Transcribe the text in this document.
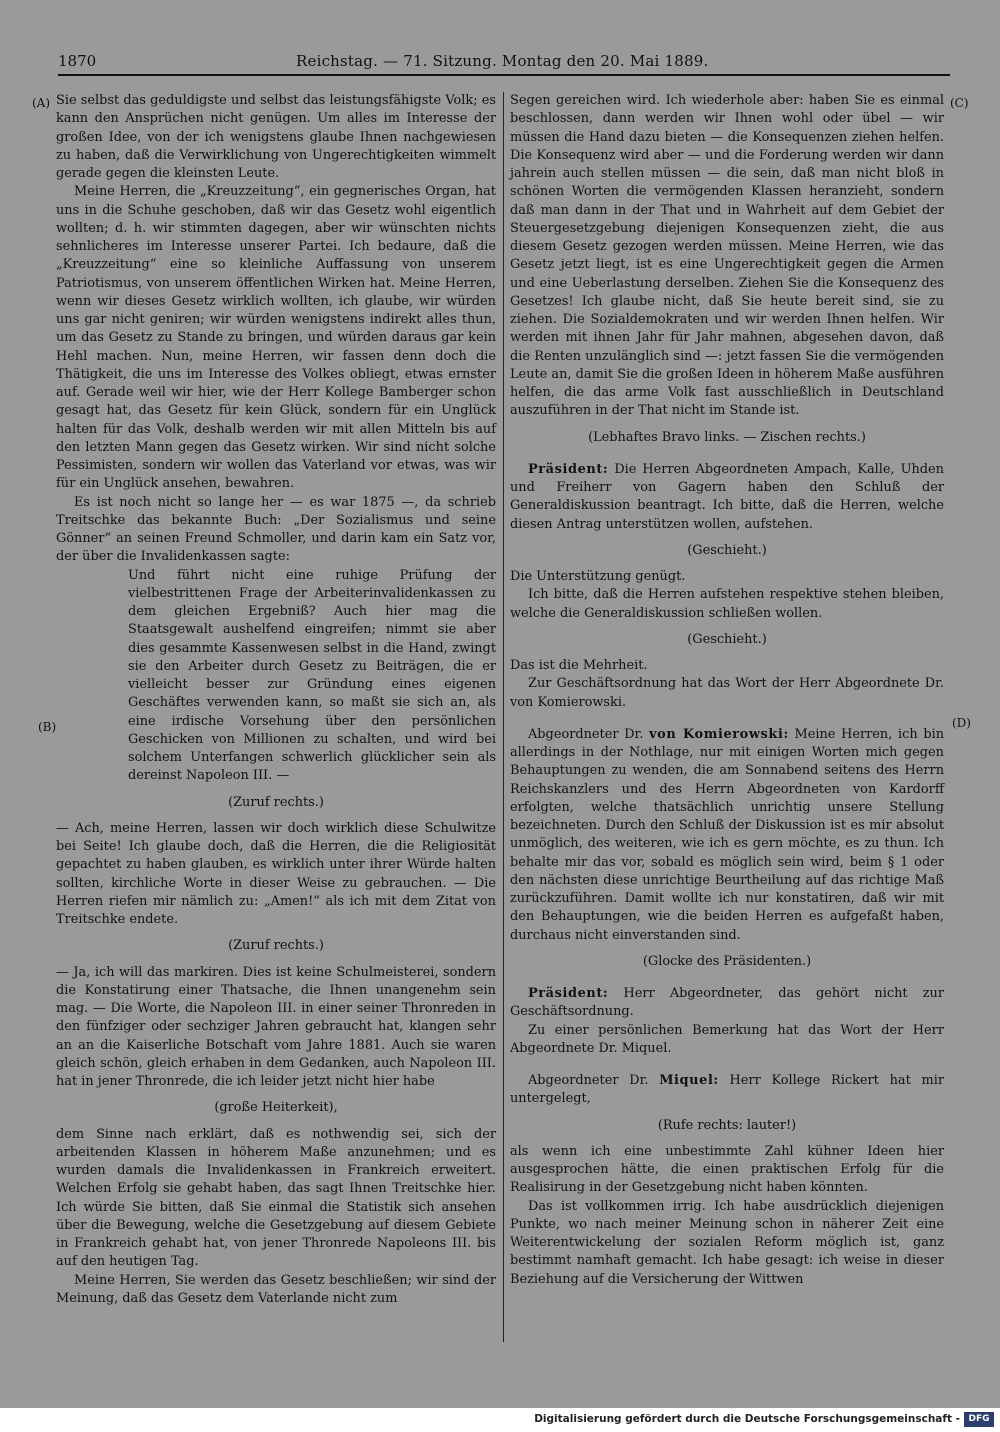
1870	Reichstag. — 71. Sitzung. Montag den 20. Mai 1889.
(A)
(B)
(C)
(D)

Sie selbst das geduldigste und selbst das leistungsfähigste Volk; es kann den Ansprüchen nicht genügen. Um alles im Interesse der großen Idee, von der ich wenigstens glaube Ihnen nachgewiesen zu haben, daß die Verwirklichung von Ungerechtigkeiten wimmelt gerade gegen die kleinsten Leute.

Meine Herren, die „Kreuzzeitung“, ein gegnerisches Organ, hat uns in die Schuhe geschoben, daß wir das Gesetz wohl eigentlich wollten; d. h. wir stimmten dagegen, aber wir wünschten nichts sehnlicheres im Interesse unserer Partei. Ich bedaure, daß die „Kreuzzeitung“ eine so kleinliche Auffassung von unserem Patriotismus, von unserem öffentlichen Wirken hat. Meine Herren, wenn wir dieses Gesetz wirklich wollten, ich glaube, wir würden uns gar nicht geniren; wir würden wenigstens indirekt alles thun, um das Gesetz zu Stande zu bringen, und würden daraus gar kein Hehl machen. Nun, meine Herren, wir fassen denn doch die Thätigkeit, die uns im Interesse des Volkes obliegt, etwas ernster auf. Gerade weil wir hier, wie der Herr Kollege Bamberger schon gesagt hat, das Gesetz für kein Glück, sondern für ein Unglück halten für das Volk, deshalb werden wir mit allen Mitteln bis auf den letzten Mann gegen das Gesetz wirken. Wir sind nicht solche Pessimisten, sondern wir wollen das Vaterland vor etwas, was wir für ein Unglück ansehen, bewahren.

Es ist noch nicht so lange her — es war 1875 —, da schrieb Treitschke das bekannte Buch: „Der Sozialismus und seine Gönner“ an seinen Freund Schmoller, und darin kam ein Satz vor, der über die Invalidenkassen sagte:

Und führt nicht eine ruhige Prüfung der vielbestrittenen Frage der Arbeiterinvalidenkassen zu dem gleichen Ergebniß? Auch hier mag die Staatsgewalt aushelfend eingreifen; nimmt sie aber dies gesammte Kassenwesen selbst in die Hand, zwingt sie den Arbeiter durch Gesetz zu Beiträgen, die er vielleicht besser zur Gründung eines eigenen Geschäftes verwenden kann, so maßt sie sich an, als eine irdische Vorsehung über den persönlichen Geschicken von Millionen zu schalten, und wird bei solchem Unterfangen schwerlich glücklicher sein als dereinst Napoleon III. —

(Zuruf rechts.)

— Ach, meine Herren, lassen wir doch wirklich diese Schulwitze bei Seite! Ich glaube doch, daß die Herren, die die Religiosität gepachtet zu haben glauben, es wirklich unter ihrer Würde halten sollten, kirchliche Worte in dieser Weise zu gebrauchen. — Die Herren riefen mir nämlich zu: „Amen!“ als ich mit dem Zitat von Treitschke endete.

(Zuruf rechts.)

— Ja, ich will das markiren. Dies ist keine Schulmeisterei, sondern die Konstatirung einer Thatsache, die Ihnen unangenehm sein mag. — Die Worte, die Napoleon III. in einer seiner Thronreden in den fünfziger oder sechziger Jahren gebraucht hat, klangen sehr an an die Kaiserliche Botschaft vom Jahre 1881. Auch sie waren gleich schön, gleich erhaben in dem Gedanken, auch Napoleon III. hat in jener Thronrede, die ich leider jetzt nicht hier habe

(große Heiterkeit),

dem Sinne nach erklärt, daß es nothwendig sei, sich der arbeitenden Klassen in höherem Maße anzunehmen; und es wurden damals die Invalidenkassen in Frankreich erweitert. Welchen Erfolg sie gehabt haben, das sagt Ihnen Treitschke hier. Ich würde Sie bitten, daß Sie einmal die Statistik sich ansehen über die Bewegung, welche die Gesetzgebung auf diesem Gebiete in Frankreich gehabt hat, von jener Thronrede Napoleons III. bis auf den heutigen Tag.

Meine Herren, Sie werden das Gesetz beschließen; wir sind der Meinung, daß das Gesetz dem Vaterlande nicht zum

Segen gereichen wird. Ich wiederhole aber: haben Sie es einmal beschlossen, dann werden wir Ihnen wohl oder übel — wir müssen die Hand dazu bieten — die Konsequenzen ziehen helfen. Die Konsequenz wird aber — und die Forderung werden wir dann jahrein auch stellen müssen — die sein, daß man nicht bloß in schönen Worten die vermögenden Klassen heranzieht, sondern daß man dann in der That und in Wahrheit auf dem Gebiet der Steuergesetzgebung diejenigen Konsequenzen zieht, die aus diesem Gesetz gezogen werden müssen. Meine Herren, wie das Gesetz jetzt liegt, ist es eine Ungerechtigkeit gegen die Armen und eine Ueberlastung derselben. Ziehen Sie die Konsequenz des Gesetzes! Ich glaube nicht, daß Sie heute bereit sind, sie zu ziehen. Die Sozialdemokraten und wir werden Ihnen helfen. Wir werden mit ihnen Jahr für Jahr mahnen, abgesehen davon, daß die Renten unzulänglich sind —: jetzt fassen Sie die vermögenden Leute an, damit Sie die großen Ideen in höherem Maße ausführen helfen, die das arme Volk fast ausschließlich in Deutschland auszuführen in der That nicht im Stande ist.

(Lebhaftes Bravo links. — Zischen rechts.)

Präsident: Die Herren Abgeordneten Ampach, Kalle, Uhden und Freiherr von Gagern haben den Schluß der Generaldiskussion beantragt. Ich bitte, daß die Herren, welche diesen Antrag unterstützen wollen, aufstehen.

(Geschieht.)

Die Unterstützung genügt.

Ich bitte, daß die Herren aufstehen respektive stehen bleiben, welche die Generaldiskussion schließen wollen.

(Geschieht.)

Das ist die Mehrheit.

Zur Geschäftsordnung hat das Wort der Herr Abgeordnete Dr. von Komierowski.

Abgeordneter Dr. von Komierowski: Meine Herren, ich bin allerdings in der Nothlage, nur mit einigen Worten mich gegen Behauptungen zu wenden, die am Sonnabend seitens des Herrn Reichskanzlers und des Herrn Abgeordneten von Kardorff erfolgten, welche thatsächlich unrichtig unsere Stellung bezeichneten. Durch den Schluß der Diskussion ist es mir absolut unmöglich, des weiteren, wie ich es gern möchte, es zu thun. Ich behalte mir das vor, sobald es möglich sein wird, beim § 1 oder den nächsten diese unrichtige Beurtheilung auf das richtige Maß zurückzuführen. Damit wollte ich nur konstatiren, daß wir mit den Behauptungen, wie die beiden Herren es aufgefaßt haben, durchaus nicht einverstanden sind.

(Glocke des Präsidenten.)

Präsident: Herr Abgeordneter, das gehört nicht zur Geschäftsordnung.

Zu einer persönlichen Bemerkung hat das Wort der Herr Abgeordnete Dr. Miquel.

Abgeordneter Dr. Miquel: Herr Kollege Rickert hat mir untergelegt,

(Rufe rechts: lauter!)

als wenn ich eine unbestimmte Zahl kühner Ideen hier ausgesprochen hätte, die einen praktischen Erfolg für die Realisirung in der Gesetzgebung nicht haben könnten.

Das ist vollkommen irrig. Ich habe ausdrücklich diejenigen Punkte, wo nach meiner Meinung schon in näherer Zeit eine Weiterentwickelung der sozialen Reform möglich ist, ganz bestimmt namhaft gemacht. Ich habe gesagt: ich weise in dieser Beziehung auf die Versicherung der Wittwen

Digitalisierung gefördert durch die Deutsche Forschungsgemeinschaft - DFG
